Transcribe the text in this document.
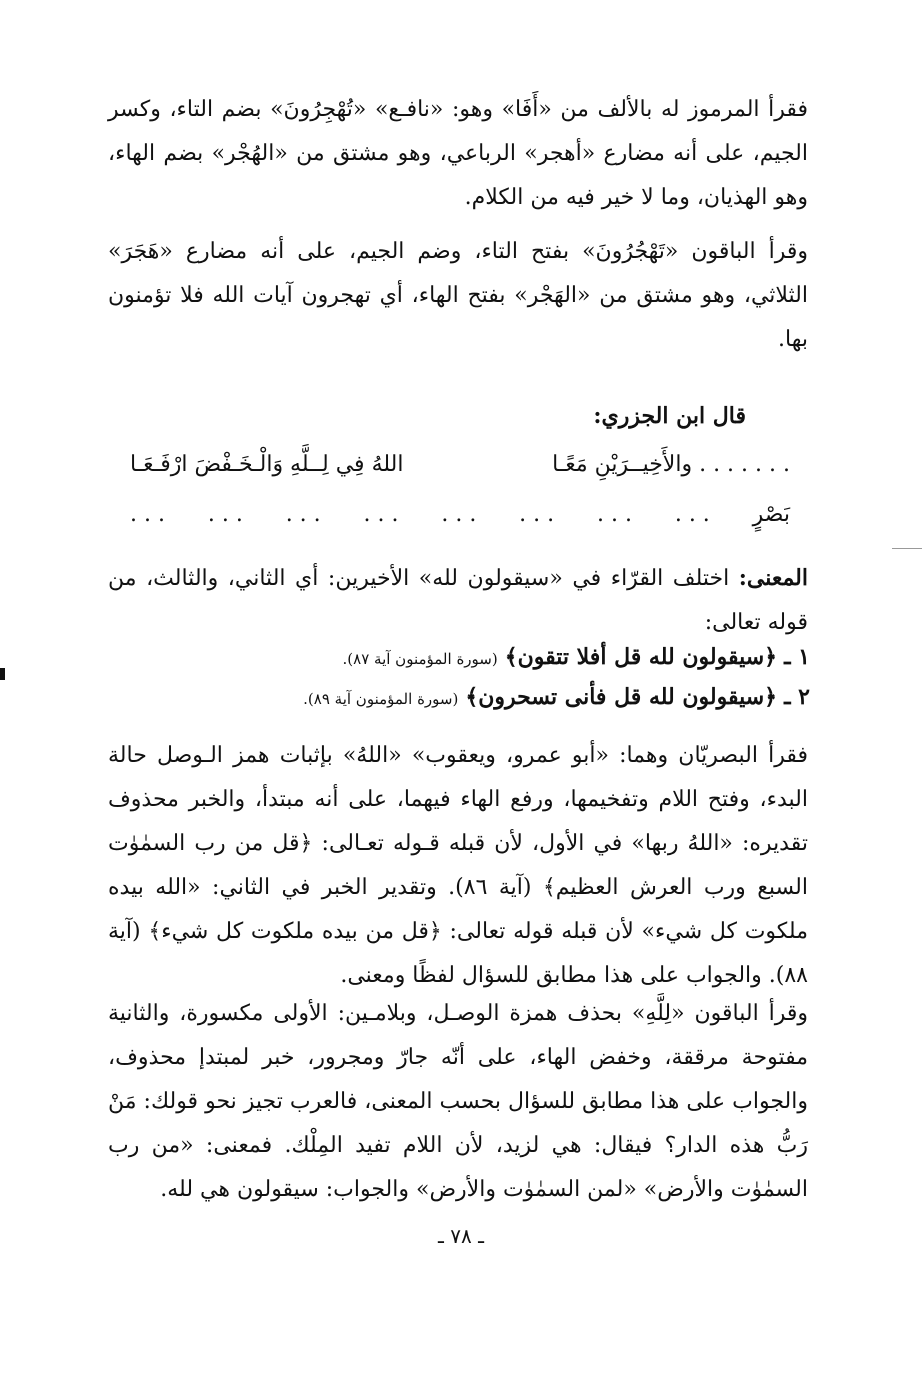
فقرأ المرموز له بالألف من «أَفَا» وهو: «نافـع» «تُهْجِرُونَ» بضم التاء، وكسر الجيم، على أنه مضارع «أهجر» الرباعي، وهو مشتق من «الهُجْر» بضم الهاء، وهو الهذيان، وما لا خير فيه من الكلام.
وقرأ الباقون «تَهْجُرُونَ» بفتح التاء، وضم الجيم، على أنه مضارع «هَجَرَ» الثلاثي، وهو مشتق من «الهَجْر» بفتح الهاء، أي تهجرون آيات الله فلا تؤمنون بها.
قال ابن الجزري:
. . . . . . . والأَخِيــرَيْنِ مَعًـا
اللهُ فِي لِــلَّهِ وَالْـخَـفْضَ ارْفَـعَـا
بَصْرٍ
. . .
. . .
. . .
. . .
. . .
. . .
. . .
. . .
المعنى: اختلف القرّاء في «سيقولون لله» الأخيرين: أي الثاني، والثالث، من قوله تعالى:
١ ـ ﴿سيقولون لله قل أفلا تتقون﴾ (سورة المؤمنون آية ٨٧).
٢ ـ ﴿سيقولون لله قل فأنى تسحرون﴾ (سورة المؤمنون آية ٨٩).
فقرأ البصريّان وهما: «أبو عمرو، ويعقوب» «اللهُ» بإثبات همز الـوصل حالة البدء، وفتح اللام وتفخيمها، ورفع الهاء فيهما، على أنه مبتدأ، والخبر محذوف تقديره: «اللهُ ربها» في الأول، لأن قبله قـوله تعـالى: ﴿قل من رب السمٰوٰت السبع ورب العرش العظيم﴾ (آية ٨٦). وتقدير الخبر في الثاني: «الله بيده ملكوت كل شيء» لأن قبله قوله تعالى: ﴿قل من بيده ملكوت كل شيء﴾ (آية ٨٨). والجواب على هذا مطابق للسؤال لفظًا ومعنى.
وقرأ الباقون «لِلَّهِ» بحذف همزة الوصـل، وبلامـين: الأولى مكسورة، والثانية مفتوحة مرققة، وخفض الهاء، على أنّه جارّ ومجرور، خبر لمبتدإ محذوف، والجواب على هذا مطابق للسؤال بحسب المعنى، فالعرب تجيز نحو قولك: مَنْ رَبُّ هذه الدار؟ فيقال: هي لزيد، لأن اللام تفيد المِلْك. فمعنى: «من رب السمٰوٰت والأرض» «لمن السمٰوٰت والأرض» والجواب: سيقولون هي لله.
ـ ٧٨ ـ
